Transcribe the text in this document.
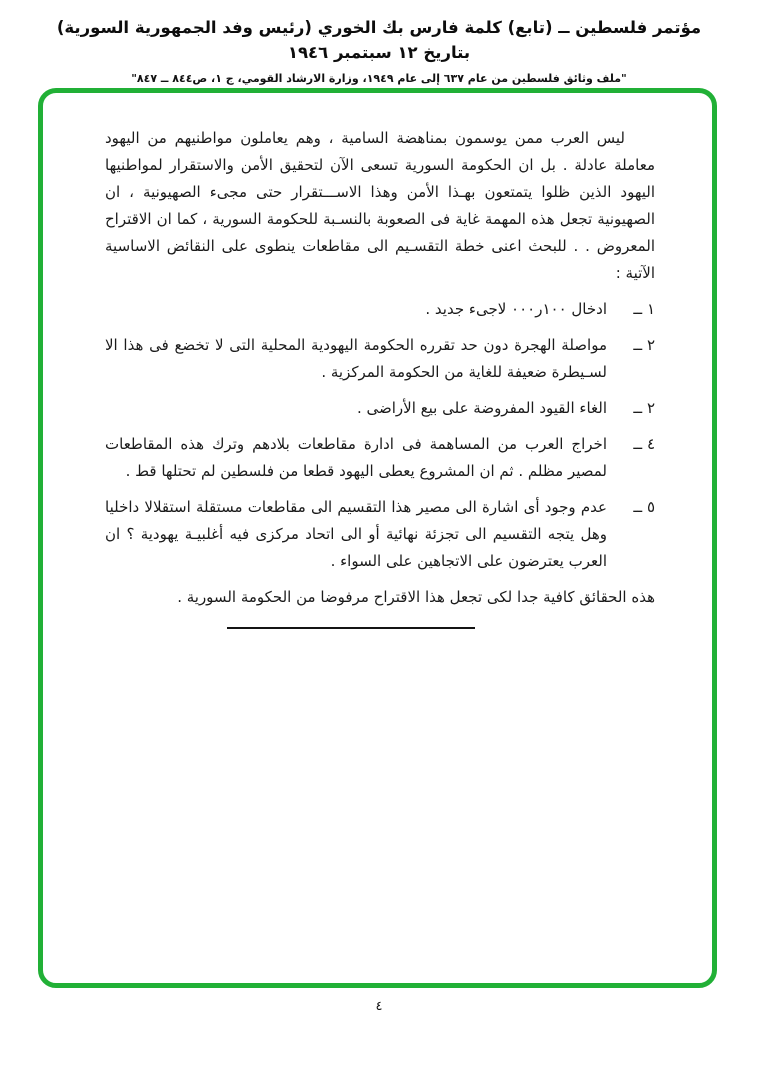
مؤتمر فلسطين ــ (تابع) كلمة فارس بك الخوري (رئيس وفد الجمهورية السورية) بتاريخ ١٢ سبتمبر ١٩٤٦
"ملف وثائق فلسطين من عام ٦٣٧ إلى عام ١٩٤٩، وزارة الارشاد القومي، ج ١، ص٨٤٤ ــ ٨٤٧"

ليس العرب ممن يوسمون بمناهضة السامية ، وهم يعاملون مواطنيهم من اليهود معاملة عادلة . بل ان الحكومة السورية تسعى الآن لتحقيق الأمن والاستقرار لمواطنيها اليهود الذين ظلوا يتمتعون بهـذا الأمن وهذا الاســـتقرار حتى مجىء الصهيونية ، ان الصهيونية تجعل هذه المهمة غاية فى الصعوبة بالنسـبة للحكومة السورية ، كما ان الاقتراح المعروض . . للبحث اعنى خطة التقسـيم الى مقاطعات ينطوى على النقائض الاساسية الآتية :

١ ــ
ادخال ١٠٠ر٠٠٠ لاجىء جديد .
٢ ــ
مواصلة الهجرة دون حد تقرره الحكومة اليهودية المحلية التى لا تخضع فى هذا الا لسـيطرة ضعيفة للغاية من الحكومة المركزية .
٢ ــ
الغاء القيود المفروضة على بيع الأراضى .
٤ ــ
اخراج العرب من المساهمة فى ادارة مقاطعات بلادهم وترك هذه المقاطعات لمصير مظلم . ثم ان المشروع يعطى اليهود قطعا من فلسطين لم تحتلها قط .
٥ ــ
عدم وجود أى اشارة الى مصير هذا التقسيم الى مقاطعات مستقلة استقلالا داخليا وهل يتجه التقسيم الى تجزئة نهائية أو الى اتحاد مركزى فيه أغلبيـة يهودية ؟ ان العرب يعترضون على الاتجاهين على السواء .

هذه الحقائق كافية جدا لكى تجعل هذا الاقتراح مرفوضا من الحكومة السورية .

٤
